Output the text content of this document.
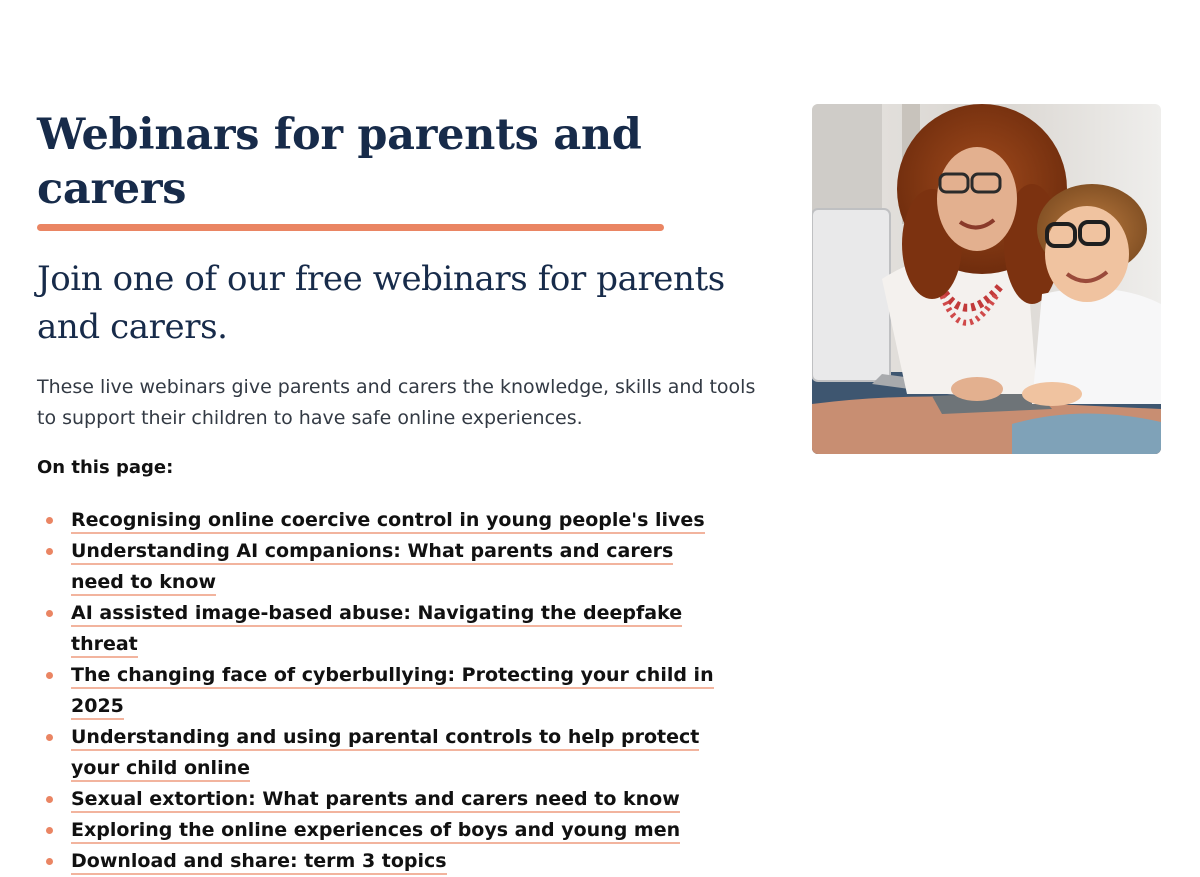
Webinars for parents and carers
Join one of our free webinars for parents and carers.

These live webinars give parents and carers the knowledge, skills and tools to support their children to have safe online experiences.

On this page:
Recognising online coercive control in young people's lives
Understanding AI companions: What parents and carers need to know
AI assisted image-based abuse: Navigating the deepfake threat
The changing face of cyberbullying: Protecting your child in 2025
Understanding and using parental controls to help protect your child online
Sexual extortion: What parents and carers need to know
Exploring the online experiences of boys and young men
Download and share: term 3 topics
